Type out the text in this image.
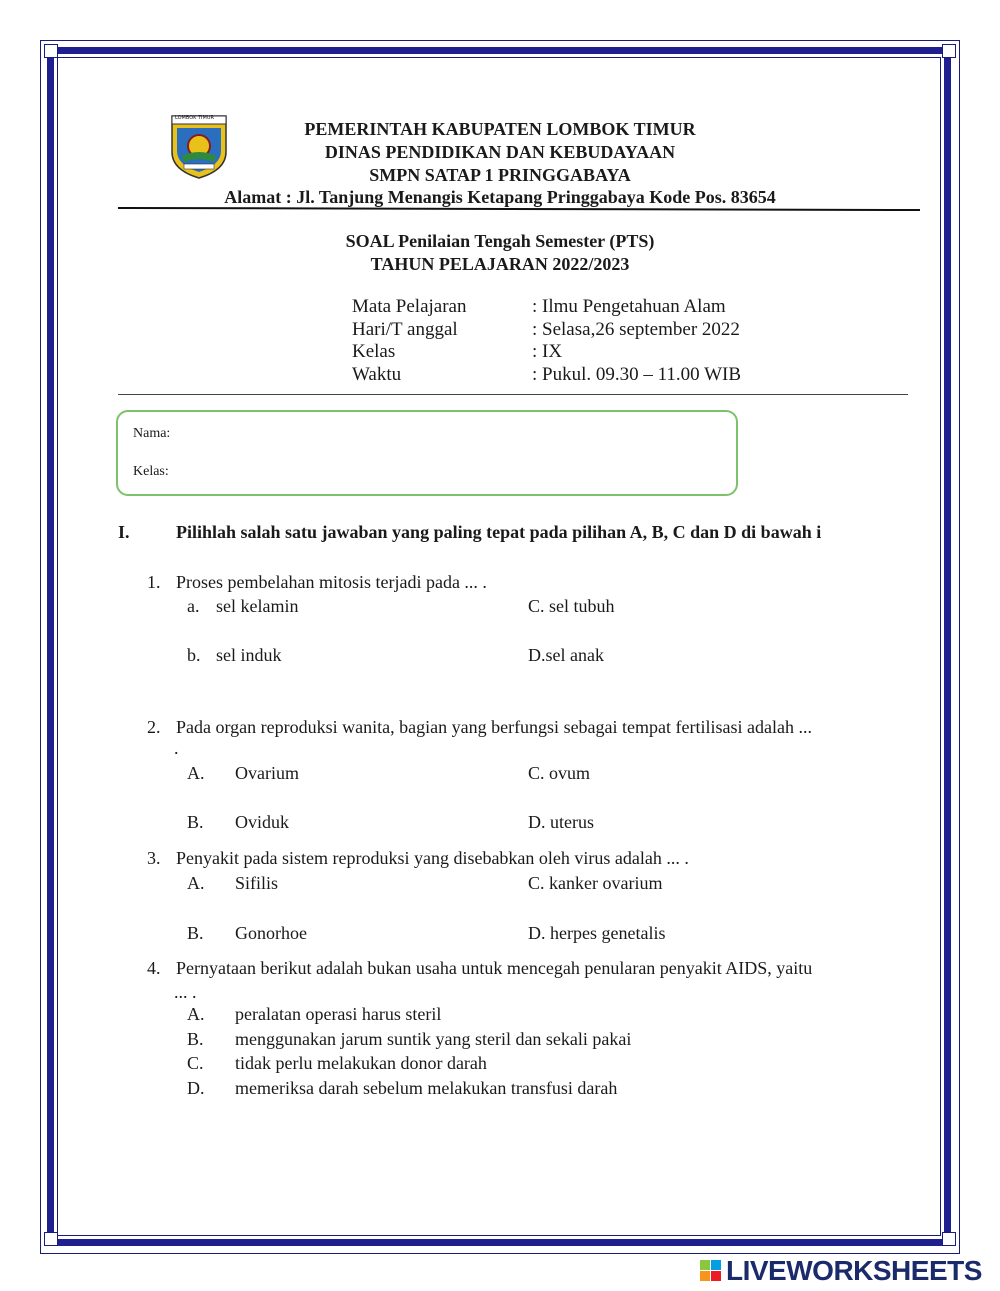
LOMBOK TIMUR
PEMERINTAH KABUPATEN LOMBOK TIMUR
DINAS PENDIDIKAN DAN KEBUDAYAAN
SMPN SATAP 1 PRINGGABAYA
Alamat : Jl. Tanjung Menangis Ketapang Pringgabaya Kode Pos. 83654
SOAL Penilaian Tengah Semester (PTS)
TAHUN PELAJARAN 2022/2023
Mata Pelajaran	: Ilmu Pengetahuan Alam
Hari/T anggal	: Selasa,26 september 2022
Kelas	: IX
Waktu	: Pukul. 09.30 – 11.00 WIB
Nama:
Kelas:
I.	Pilihlah salah satu jawaban yang paling tepat pada pilihan A, B, C dan D di bawah i
1. Proses pembelahan mitosis terjadi pada ... .
a. sel kelamin	C. sel tubuh
b. sel induk	D.sel anak
2. Pada organ reproduksi wanita, bagian yang berfungsi sebagai tempat fertilisasi adalah ...
.
A. Ovarium	C. ovum
B. Oviduk	D. uterus
3. Penyakit pada sistem reproduksi yang disebabkan oleh virus adalah ... .
A. Sifilis	C. kanker ovarium
B. Gonorhoe	D. herpes genetalis
4. Pernyataan berikut adalah bukan usaha untuk mencegah penularan penyakit AIDS, yaitu
... .
A. peralatan operasi harus steril
B. menggunakan jarum suntik yang steril dan sekali pakai
C. tidak perlu melakukan donor darah
D. memeriksa darah sebelum melakukan transfusi darah
LIVEWORKSHEETS
